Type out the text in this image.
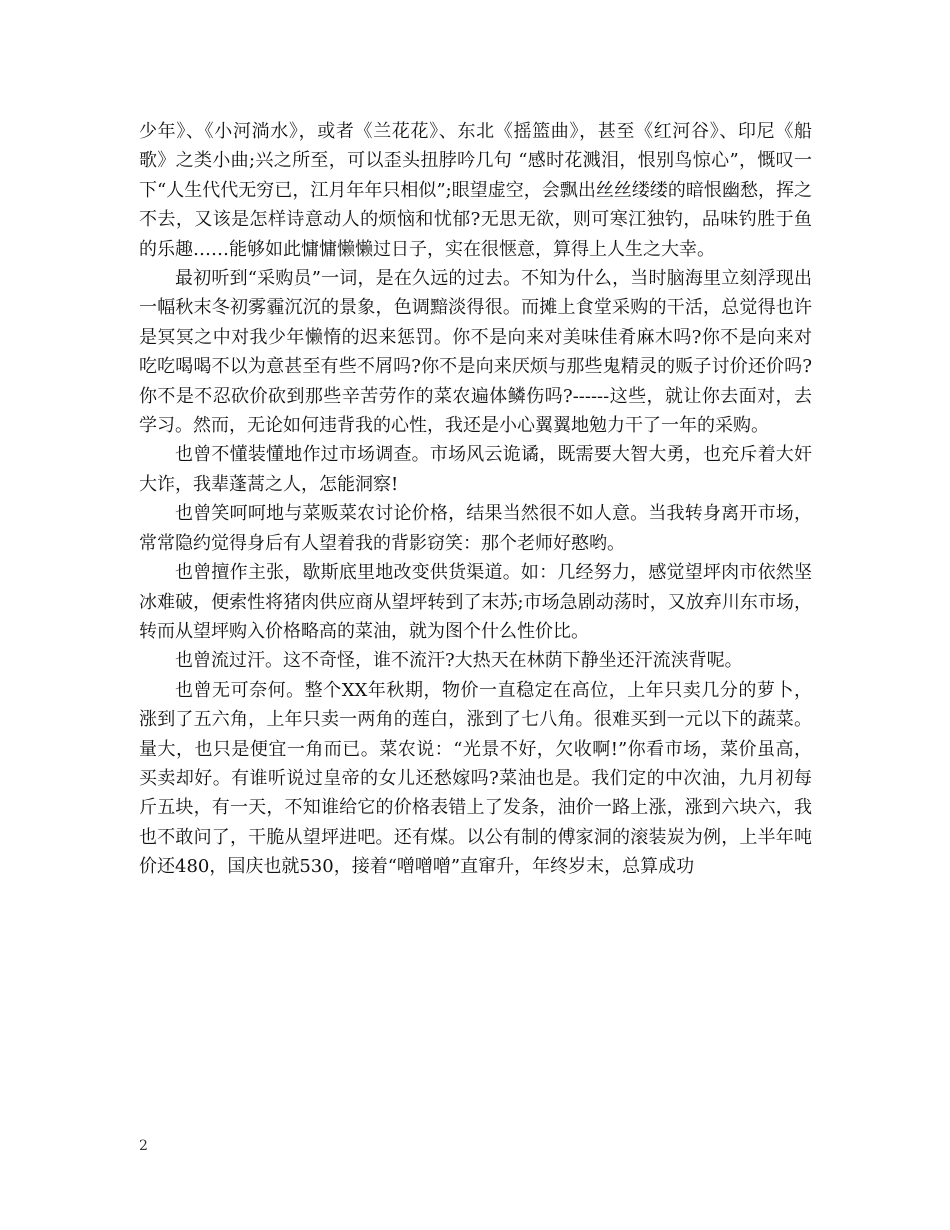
少年》、《小河淌水》，或者《兰花花》、东北《摇篮曲》，甚至《红河谷》、印尼《船歌》之类小曲;兴之所至，可以歪头扭脖吟几句 “感时花溅泪，恨别鸟惊心”，慨叹一下“人生代代无穷已，江月年年只相似”;眼望虚空，会飘出丝丝缕缕的暗恨幽愁，挥之不去，又该是怎样诗意动人的烦恼和忧郁?无思无欲，则可寒江独钓，品味钓胜于鱼的乐趣……能够如此慵慵懒懒过日子，实在很惬意，算得上人生之大幸。

最初听到“采购员”一词，是在久远的过去。不知为什么，当时脑海里立刻浮现出一幅秋末冬初雾霾沉沉的景象，色调黯淡得很。而摊上食堂采购的干活，总觉得也许是冥冥之中对我少年懒惰的迟来惩罚。你不是向来对美味佳肴麻木吗?你不是向来对吃吃喝喝不以为意甚至有些不屑吗?你不是向来厌烦与那些鬼精灵的贩子讨价还价吗?你不是不忍砍价砍到那些辛苦劳作的菜农遍体鳞伤吗?------这些，就让你去面对，去学习。然而，无论如何违背我的心性，我还是小心翼翼地勉力干了一年的采购。

也曾不懂装懂地作过市场调查。市场风云诡谲，既需要大智大勇，也充斥着大奸大诈，我辈蓬蒿之人，怎能洞察!

也曾笑呵呵地与菜贩菜农讨论价格，结果当然很不如人意。当我转身离开市场，常常隐约觉得身后有人望着我的背影窃笑：那个老师好憨哟。

也曾擅作主张，歇斯底里地改变供货渠道。如：几经努力，感觉望坪肉市依然坚冰难破，便索性将猪肉供应商从望坪转到了末苏;市场急剧动荡时，又放弃川东市场，转而从望坪购入价格略高的菜油，就为图个什么性价比。

也曾流过汗。这不奇怪，谁不流汗?大热天在林荫下静坐还汗流浃背呢。

也曾无可奈何。整个XX年秋期，物价一直稳定在高位，上年只卖几分的萝卜，涨到了五六角，上年只卖一两角的莲白，涨到了七八角。很难买到一元以下的蔬菜。量大，也只是便宜一角而已。菜农说：“光景不好，欠收啊!”你看市场，菜价虽高，买卖却好。有谁听说过皇帝的女儿还愁嫁吗?菜油也是。我们定的中次油，九月初每斤五块，有一天，不知谁给它的价格表错上了发条，油价一路上涨，涨到六块六，我也不敢问了，干脆从望坪进吧。还有煤。以公有制的傅家洞的滚装炭为例，上半年吨价还480，国庆也就530，接着“噌噌噌”直窜升，年终岁末，总算成功

2
